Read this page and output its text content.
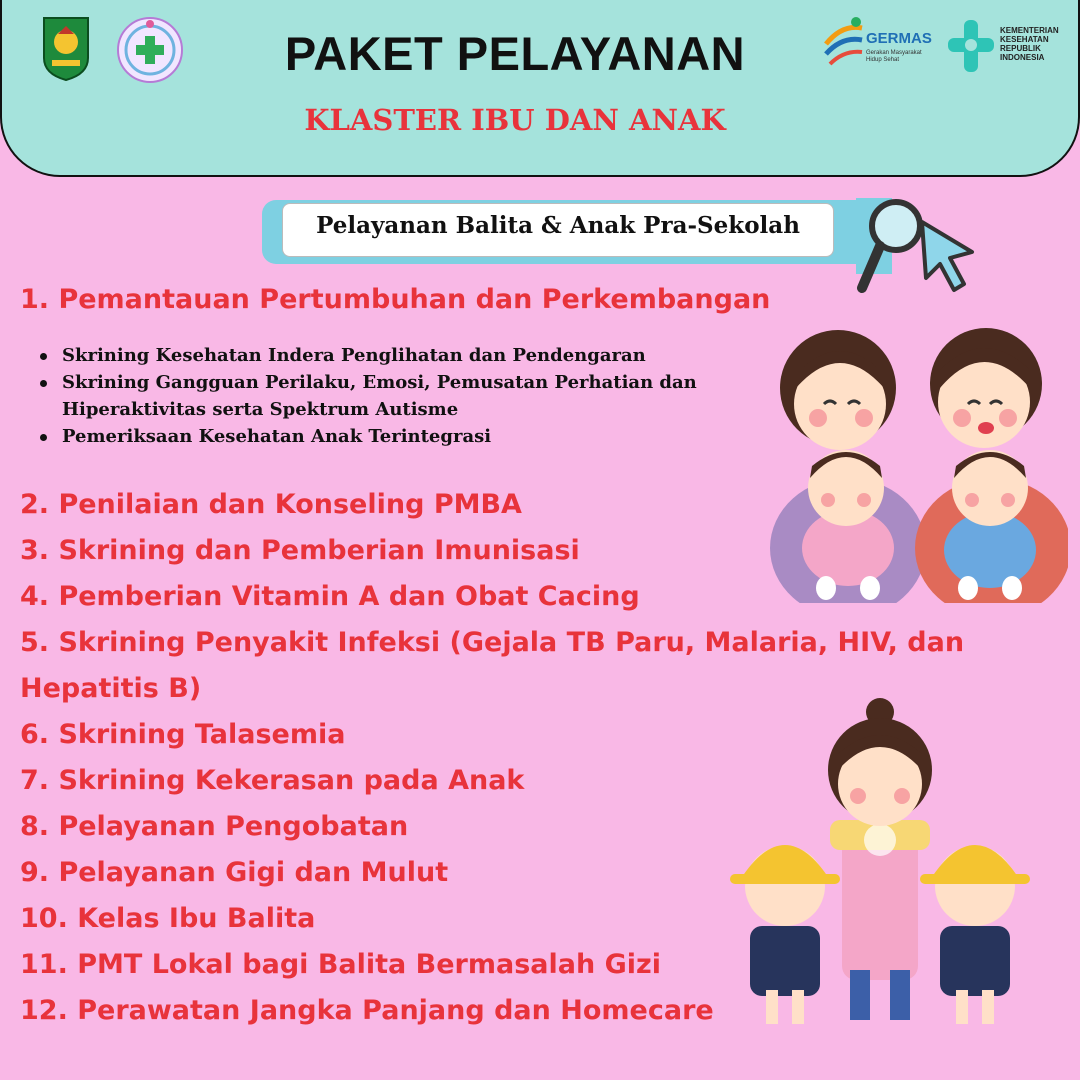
PAKET PELAYANAN
KLASTER IBU DAN ANAK
GERMAS
Gerakan Masyarakat Hidup Sehat
KEMENTERIAN KESEHATAN REPUBLIK INDONESIA
Pelayanan Balita & Anak Pra-Sekolah
1. Pemantauan Pertumbuhan dan Perkembangan
Skrining Kesehatan Indera Penglihatan dan Pendengaran
Skrining Gangguan Perilaku, Emosi, Pemusatan Perhatian dan Hiperaktivitas serta Spektrum Autisme
Pemeriksaan Kesehatan Anak Terintegrasi
2. Penilaian dan Konseling PMBA
3. Skrining dan Pemberian Imunisasi
4. Pemberian Vitamin A dan Obat Cacing
5. Skrining Penyakit Infeksi (Gejala TB Paru, Malaria, HIV, dan
Hepatitis B)
6. Skrining Talasemia
7. Skrining Kekerasan pada Anak
8. Pelayanan Pengobatan
9. Pelayanan Gigi dan Mulut
10. Kelas Ibu Balita
11. PMT Lokal bagi Balita Bermasalah Gizi
12. Perawatan Jangka Panjang dan Homecare
